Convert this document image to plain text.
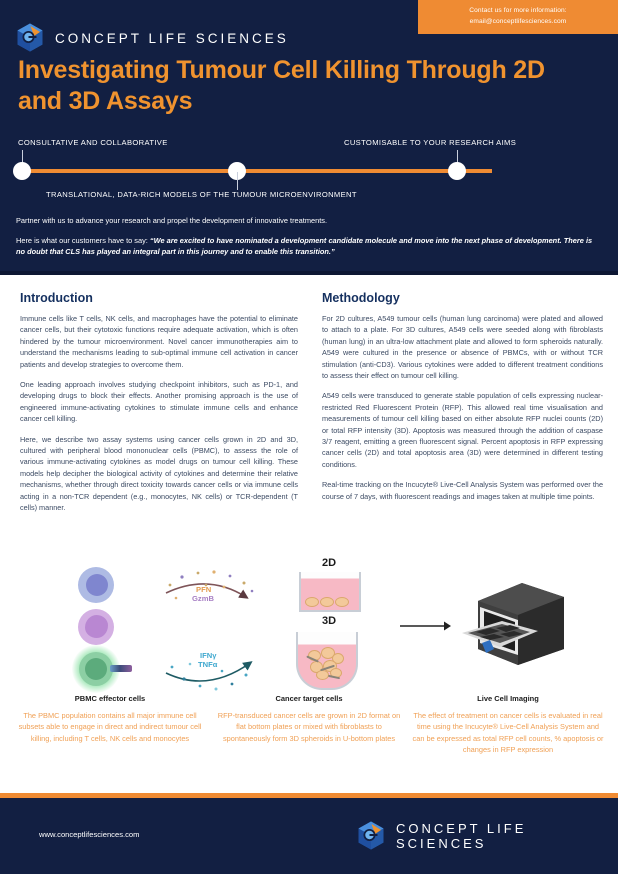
Contact us for more information:
email@conceptlifesciences.com
CONCEPT LIFE SCIENCES
Investigating Tumour Cell Killing Through 2D and 3D Assays
CONSULTATIVE AND COLLABORATIVE	CUSTOMISABLE TO YOUR RESEARCH AIMS
TRANSLATIONAL, DATA-RICH MODELS OF THE TUMOUR MICROENVIRONMENT
Partner with us to advance your research and propel the development of innovative treatments.
Here is what our customers have to say: “We are excited to have nominated a development candidate molecule and move into the next phase of development. There is no doubt that CLS has played an integral part in this journey and to enable this transition.”
Introduction

Immune cells like T cells, NK cells, and macrophages have the potential to eliminate cancer cells, but their cytotoxic functions require adequate activation, which is often hindered by the tumour microenvironment. Novel cancer immunotherapies aim to understand the mechanisms leading to sub-optimal immune cell activation in cancer patients and develop strategies to overcome them.

One leading approach involves studying checkpoint inhibitors, such as PD-1, and developing drugs to block their effects. Another promising approach is the use of engineered immune-activating cytokines to stimulate immune cells and enhance cancer cell killing.

Here, we describe two assay systems using cancer cells grown in 2D and 3D, cultured with peripheral blood mononuclear cells (PBMC), to assess the role of various immune-activating cytokines as model drugs on tumour cell killing. These models help decipher the biological activity of cytokines and determine their relative mechanisms, whether through direct toxicity towards cancer cells or via immune cells acting in a non-TCR dependent (e.g., monocytes, NK cells) or TCR-dependent (T cells) manner.

Methodology

For 2D cultures, A549 tumour cells (human lung carcinoma) were plated and allowed to attach to a plate. For 3D cultures, A549 cells were seeded along with fibroblasts (human lung) in an ultra-low attachment plate and allowed to form spheroids naturally. A549 were cultured in the presence or absence of PBMCs, with or without TCR stimulation (anti-CD3). Various cytokines were added to different treatment conditions to assess their effect on tumour cell killing.

A549 cells were transduced to generate stable population of cells expressing nuclear-restricted Red Fluorescent Protein (RFP). This allowed real time visualisation and measurements of tumour cell killing based on either absolute RFP nuclei counts (2D) or total RFP intensity (3D). Apoptosis was measured through the addition of caspase 3/7 reagent, emitting a green fluorescent signal. Percent apoptosis in RFP expressing cancer cells (2D) and total apoptosis area (3D) were determined in different testing conditions.

Real-time tracking on the Incucyte® Live-Cell Analysis System was performed over the course of 7 days, with fluorescent readings and images taken at multiple time points.

PFN
GzmB
IFNγ
TNFα
2D
3D
PBMC effector cells
The PBMC population contains all major immune cell subsets able to engage in direct and indirect tumour cell killing, including T cells, NK cells and monocytes
Cancer target cells
RFP-transduced cancer cells are grown in 2D format on flat bottom plates or mixed with fibroblasts to spontaneously form 3D spheroids in U-bottom plates
Live Cell Imaging
The effect of treatment on cancer cells is evaluated in real time using the Incucyte® Live-Cell Analysis System and can be expressed as total RFP cell counts, % apoptosis or changes in RFP expression
www.conceptlifesciences.com	CONCEPT LIFE SCIENCES
